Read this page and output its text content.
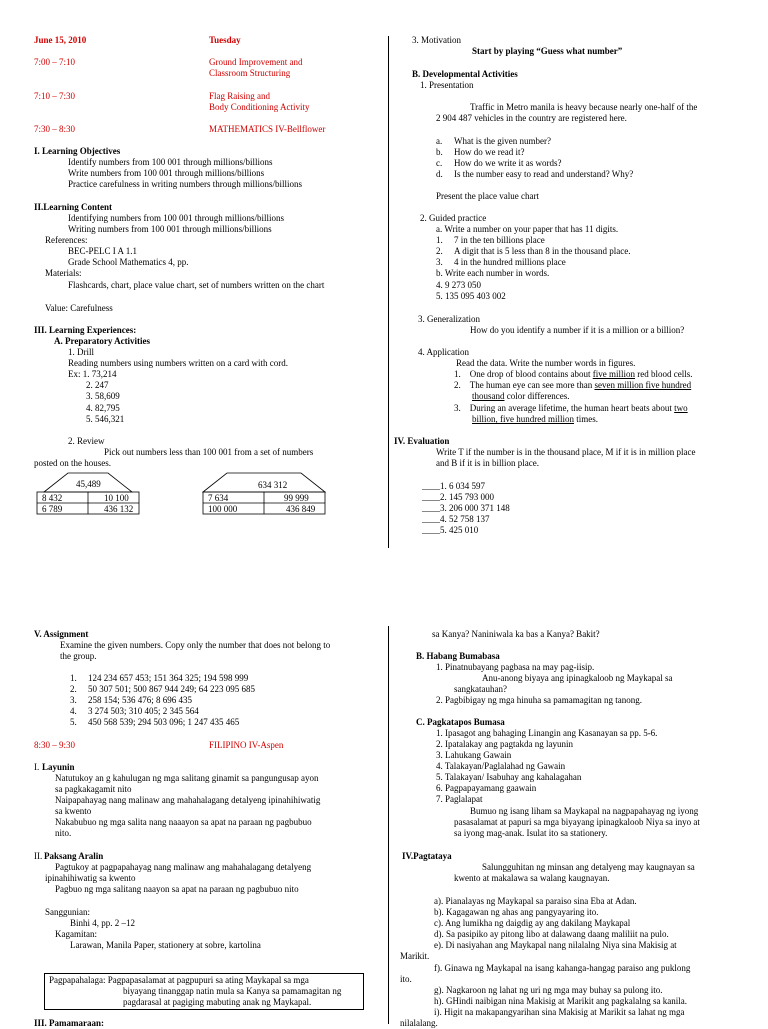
June 15, 2010	Tuesday
7:00 – 7:10	Ground Improvement and
Classroom Structuring
7:10 – 7:30	Flag Raising and
Body Conditioning Activity
7:30 – 8:30	MATHEMATICS IV-Bellflower
I. Learning Objectives
Identify numbers from 100 001 through millions/billions
Write numbers from 100 001 through millions/billions
Practice carefulness in writing numbers through millions/billions
II.Learning Content
Identifying numbers from 100 001 through millions/billions
Writing numbers from 100 001 through millions/billions
References:
BEC-PELC I A 1.1
Grade School Mathematics 4, pp.
Materials:
Flashcards, chart, place value chart, set of numbers written on the chart
Value: Carefulness
III. Learning Experiences:
A. Preparatory Activities
1. Drill
Reading numbers using numbers written on a card with cord.
Ex: 1. 73,214
2. 247
3. 58,609
4. 82,795
5. 546,321
2. Review
Pick out numbers less than 100 001 from a set of numbers
posted on the houses.
45,489
8 432	10 100
6 789	436 132
634 312
7 634	99 999
100 000	436 849
3. Motivation
Start by playing “Guess what number”
B. Developmental Activities
1. Presentation
Traffic in Metro manila is heavy because nearly one-half of the
2 904 487 vehicles in the country are registered here.
a. What is the given number?
b. How do we read it?
c. How do we write it as words?
d. Is the number easy to read and understand? Why?
Present the place value chart
2. Guided practice
a. Write a number on your paper that has 11 digits.
1. 7 in the ten billions place
2. A digit that is 5 less than 8 in the thousand place.
3. 4 in the hundred millions place
b. Write each number in words.
4. 9 273 050
5. 135 095 403 002
3. Generalization
How do you identify a number if it is a million or a billion?
4. Application
Read the data. Write the number words in figures.
1.    One drop of blood contains about five million red blood cells.
2.    The human eye can see more than seven million five hundred
thousand color differences.
3.    During an average lifetime, the human heart beats about two
billion, five hundred million times.
IV. Evaluation
Write T if the number is in the thousand place, M if it is in million place
and B if it is in billion place.
____1. 6 034 597
____2. 145 793 000
____3. 206 000 371 148
____4. 52 758 137
____5. 425 010
V. Assignment
Examine the given numbers. Copy only the number that does not belong to
the group.
1. 124 234 657 453; 151 364 325; 194 598 999
2. 50 307 501; 500 867 944 249; 64 223 095 685
3. 258 154; 536 476; 8 696 435
4. 3 274 503; 310 405; 2 345 564
5. 450 568 539; 294 503 096; 1 247 435 465
8:30 – 9:30	FILIPINO IV-Aspen
I. Layunin
Natutukoy an g kahulugan ng mga salitang ginamit sa pangungusap ayon
sa pagkakagamit nito
Naipapahayag nang malinaw ang mahahalagang detalyeng ipinahihiwatig
sa kwento
Nakabubuo ng mga salita nang naaayon sa apat na paraan ng pagbubuo
nito.
II. Paksang Aralin
Pagtukoy at pagpapahayag nang malinaw ang mahahalagang detalyeng
ipinahihiwatig sa kwento
Pagbuo ng mga salitang naayon sa apat na paraan ng pagbubuo nito
Sanggunian:
Binhi 4, pp. 2 –12
Kagamitan:
Larawan, Manila Paper, stationery at sobre, kartolina
Pagpapahalaga: Pagpapasalamat at pagpupuri sa ating Maykapal sa mga
biyayang tinanggap natin mula sa Kanya sa pamamagitan ng
pagdarasal at pagiging mabuting anak ng Maykapal.
III. Pamamaraan:
sa Kanya? Naniniwala ka bas a Kanya? Bakit?
B. Habang Bumabasa
1. Pinatnubayang pagbasa na may pag-iisip.
Anu-anong biyaya ang ipinagkaloob ng Maykapal sa
sangkatauhan?
2. Pagbibigay ng mga hinuha sa pamamagitan ng tanong.
C. Pagkatapos Bumasa
1. Ipasagot ang bahaging Linangin ang Kasanayan sa pp. 5-6.
2. Ipatalakay ang pagtakda ng layunin
3. Lahukang Gawain
4. Talakayan/Paglalahad ng Gawain
5. Talakayan/ Isabuhay ang kahalagahan
6. Pagpapayamang gaawain
7. Paglalapat
Bumuo ng isang liham sa Maykapal na nagpapahayag ng iyong
pasasalamat at papuri sa mga biyayang ipinagkaloob Niya sa inyo at
sa iyong mag-anak. Isulat ito sa stationery.
IV.Pagtataya
Salungguhitan ng minsan ang detalyeng may kaugnayan sa
kwento at makalawa sa walang kaugnayan.
a). Pianalayas ng Maykapal sa paraiso sina Eba at Adan.
b). Kagagawan ng ahas ang pangyayaring ito.
c). Ang lumikha ng daigdig ay ang dakilang Maykapal
d). Sa pasipiko ay pitong libo at dalawang daang maliliit na pulo.
e). Di nasiyahan ang Maykapal nang nilalalng Niya sina Makisig at
Marikit.
f). Ginawa ng Maykapal na isang kahanga-hangag paraiso ang puklong
ito.
g). Nagkaroon ng lahat ng uri ng mga may buhay sa pulong ito.
h). GHindi naibigan nina Makisig at Marikit ang pagkalalng sa kanila.
i). Higit na makapangyarihan sina Makisig at Marikit sa lahat ng mga
nilalalang.
